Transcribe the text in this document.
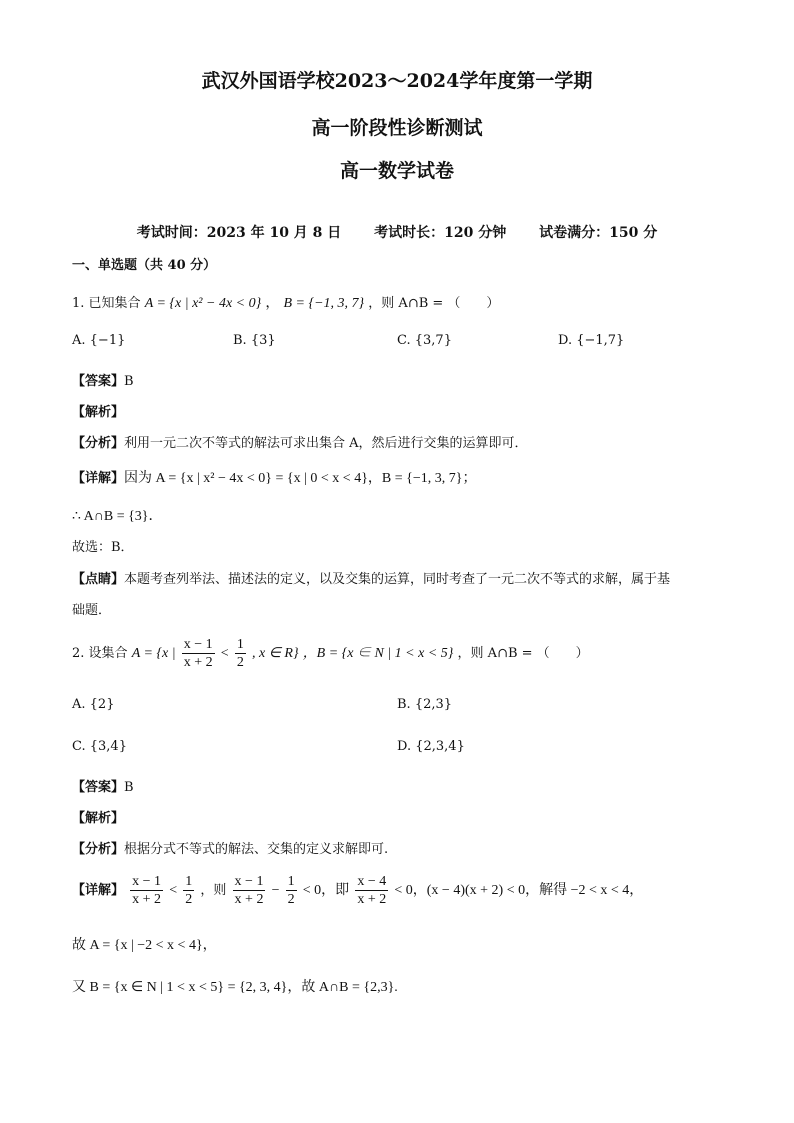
武汉外国语学校2023～2024学年度第一学期
高一阶段性诊断测试
高一数学试卷
考试时间：2023 年 10 月 8 日 考试时长：120 分钟 试卷满分：150 分
一、单选题（共 40 分）
1. 已知集合 A = {x | x² − 4x < 0} ， B = {−1, 3, 7} ，则 A∩B = （　　）
A. {−1}	B. {3}	C. {3,7}	D. {−1,7}
【答案】B
【解析】
【分析】利用一元二次不等式的解法可求出集合 A，然后进行交集的运算即可．
【详解】因为 A = {x | x² − 4x < 0} = {x | 0 < x < 4}，B = {−1, 3, 7}；
∴ A∩B = {3}．
故选：B．
【点睛】本题考查列举法、描述法的定义，以及交集的运算，同时考查了一元二次不等式的求解，属于基
础题．
2. 设集合 A = {x | $\frac{x - 1}{x + 2} < \frac{1}{2}$ , x ∈ R} ，B = {x ∈ N | 1 < x < 5} ，则 A∩B = （　　）
A. {2}	B. {2,3}
C. {3,4}	D. {2,3,4}
【答案】B
【解析】
【分析】根据分式不等式的解法、交集的定义求解即可.
【详解】 $\frac{x - 1}{x + 2} < \frac{1}{2}$ ，则 $\frac{x - 1}{x + 2} - \frac{1}{2} < 0$，即 $\frac{x - 4}{x + 2} < 0$，(x − 4)(x + 2) < 0，解得 −2 < x < 4，
故 A = {x | −2 < x < 4}，
又 B = {x ∈ N | 1 < x < 5} = {2, 3, 4}，故 A∩B = {2,3}.
